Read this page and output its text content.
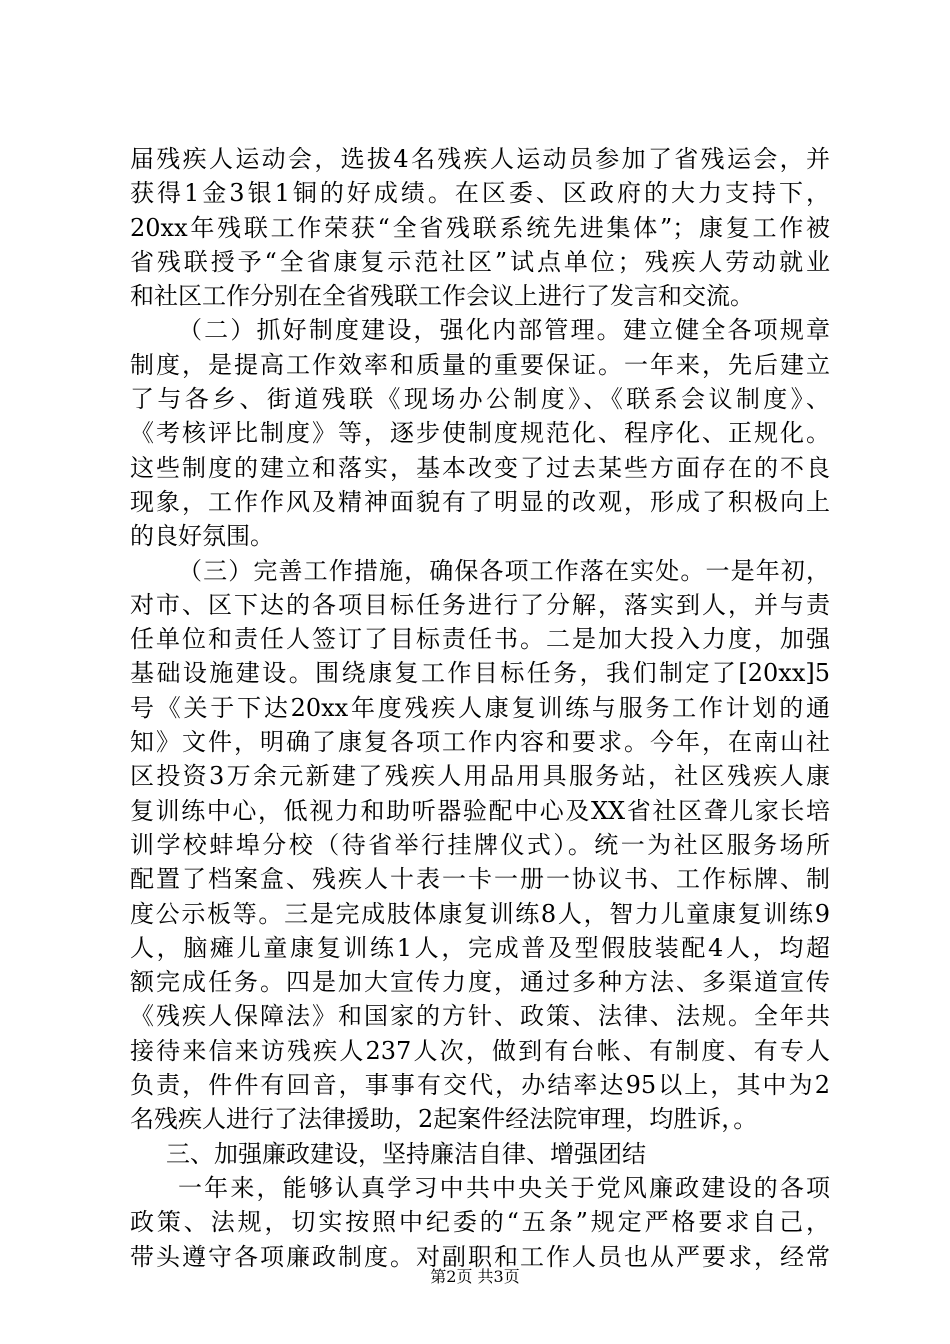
届残疾人运动会，选拔4名残疾人运动员参加了省残运会，并
获得1金3银1铜的好成绩。在区委、区政府的大力支持下，
20xx年残联工作荣获“全省残联系统先进集体”；康复工作被
省残联授予“全省康复示范社区”试点单位；残疾人劳动就业
和社区工作分别在全省残联工作会议上进行了发言和交流。
（二）抓好制度建设，强化内部管理。建立健全各项规章
制度，是提高工作效率和质量的重要保证。一年来，先后建立
了与各乡、街道残联《现场办公制度》、《联系会议制度》、
《考核评比制度》等，逐步使制度规范化、程序化、正规化。
这些制度的建立和落实，基本改变了过去某些方面存在的不良
现象，工作作风及精神面貌有了明显的改观，形成了积极向上
的良好氛围。
（三）完善工作措施，确保各项工作落在实处。一是年初，
对市、区下达的各项目标任务进行了分解，落实到人，并与责
任单位和责任人签订了目标责任书。二是加大投入力度，加强
基础设施建设。围绕康复工作目标任务，我们制定了[20xx]5
号《关于下达20xx年度残疾人康复训练与服务工作计划的通
知》文件，明确了康复各项工作内容和要求。今年，在南山社
区投资3万余元新建了残疾人用品用具服务站，社区残疾人康
复训练中心，低视力和助听器验配中心及XX省社区聋儿家长培
训学校蚌埠分校（待省举行挂牌仪式）。统一为社区服务场所
配置了档案盒、残疾人十表一卡一册一协议书、工作标牌、制
度公示板等。三是完成肢体康复训练8人，智力儿童康复训练9
人，脑瘫儿童康复训练1人，完成普及型假肢装配4人，均超
额完成任务。四是加大宣传力度，通过多种方法、多渠道宣传
《残疾人保障法》和国家的方针、政策、法律、法规。全年共
接待来信来访残疾人237人次，做到有台帐、有制度、有专人
负责，件件有回音，事事有交代，办结率达95以上，其中为2
名残疾人进行了法律援助，2起案件经法院审理，均胜诉，。
三、加强廉政建设，坚持廉洁自律、增强团结
一年来，能够认真学习中共中央关于党风廉政建设的各项
政策、法规，切实按照中纪委的“五条”规定严格要求自己，
带头遵守各项廉政制度。对副职和工作人员也从严要求，经常
第2页 共3页
